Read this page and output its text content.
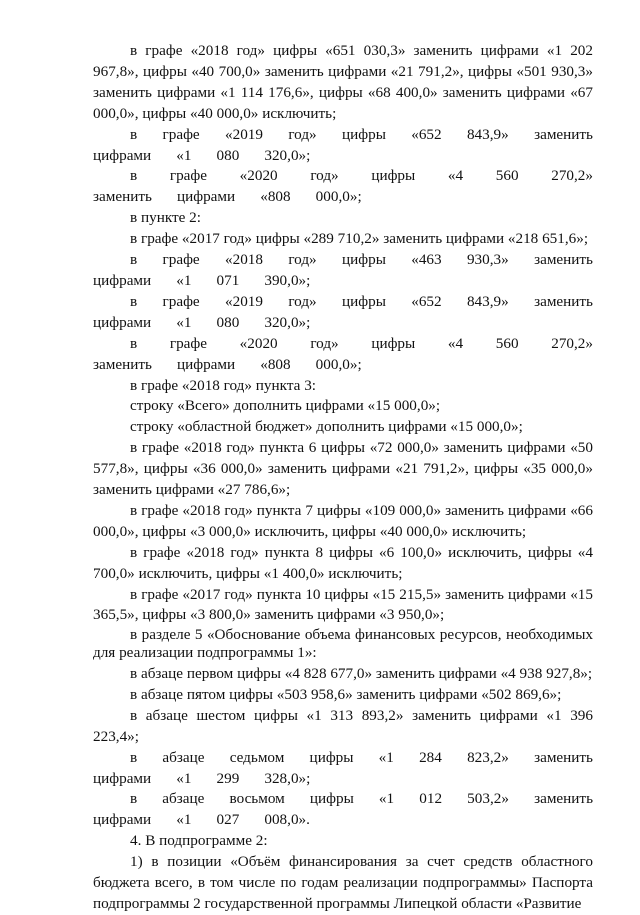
в графе «2018 год» цифры «651 030,3» заменить цифрами «1 202 967,8», цифры «40 700,0» заменить цифрами «21 791,2», цифры «501 930,3» заменить цифрами «1 114 176,6», цифры «68 400,0» заменить цифрами «67 000,0», цифры «40 000,0» исключить;

в графе «2019 год» цифры «652 843,9» заменить цифрами «1 080 320,0»;

в графе «2020 год» цифры «4 560 270,2» заменить цифрами «808 000,0»;

в пункте 2:

в графе «2017 год» цифры «289 710,2» заменить цифрами «218 651,6»;

в графе «2018 год» цифры «463 930,3» заменить цифрами «1 071 390,0»;

в графе «2019 год» цифры «652 843,9» заменить цифрами «1 080 320,0»;

в графе «2020 год» цифры «4 560 270,2» заменить цифрами «808 000,0»;

в графе «2018 год» пункта 3:

строку «Всего» дополнить цифрами «15 000,0»;

строку «областной бюджет» дополнить цифрами «15 000,0»;

в графе «2018 год» пункта 6 цифры «72 000,0» заменить цифрами «50 577,8», цифры «36 000,0» заменить цифрами «21 791,2», цифры «35 000,0» заменить цифрами «27 786,6»;

в графе «2018 год» пункта 7 цифры «109 000,0» заменить цифрами «66 000,0», цифры «3 000,0» исключить, цифры «40 000,0» исключить;

в графе «2018 год» пункта 8 цифры «6 100,0» исключить, цифры «4 700,0» исключить, цифры «1 400,0» исключить;

в графе «2017 год» пункта 10 цифры «15 215,5» заменить цифрами «15 365,5», цифры «3 800,0» заменить цифрами «3 950,0»;

в разделе 5 «Обоснование объема финансовых ресурсов, необходимых для реализации подпрограммы 1»:

в абзаце первом цифры «4 828 677,0» заменить цифрами «4 938 927,8»;

в абзаце пятом цифры «503 958,6» заменить цифрами «502 869,6»;

в абзаце шестом цифры «1 313 893,2» заменить цифрами «1 396 223,4»;

в абзаце седьмом цифры «1 284 823,2» заменить цифрами «1 299 328,0»;

в абзаце восьмом цифры «1 012 503,2» заменить цифрами «1 027 008,0».

4. В подпрограмме 2:

1) в позиции «Объём финансирования за счет средств областного бюджета всего, в том числе по годам реализации подпрограммы» Паспорта подпрограммы 2 государственной программы Липецкой области «Развитие
